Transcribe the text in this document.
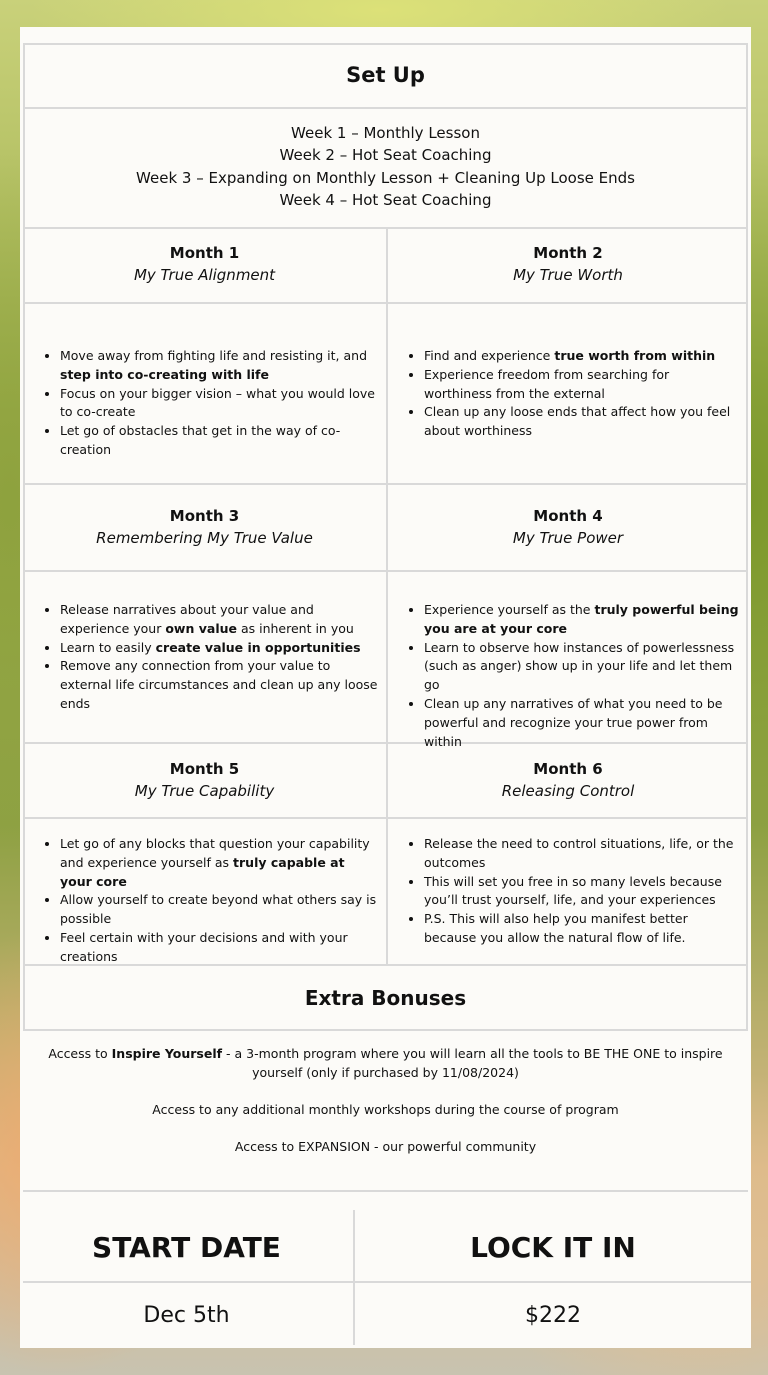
Set Up
Week 1 – Monthly Lesson
Week 2 – Hot Seat Coaching
Week 3 – Expanding on Monthly Lesson + Cleaning Up Loose Ends
Week 4 – Hot Seat Coaching
Month 1
My True Alignment
• Move away from fighting life and resisting it, and step into co-creating with life
• Focus on your bigger vision – what you would love to co-create
• Let go of obstacles that get in the way of co-creation
Month 2
My True Worth
• Find and experience true worth from within
• Experience freedom from searching for worthiness from the external
• Clean up any loose ends that affect how you feel about worthiness
Month 3
Remembering My True Value
• Release narratives about your value and experience your own value as inherent in you
• Learn to easily create value in opportunities
• Remove any connection from your value to external life circumstances and clean up any loose ends
Month 4
My True Power
• Experience yourself as the truly powerful being you are at your core
• Learn to observe how instances of powerlessness (such as anger) show up in your life and let them go
• Clean up any narratives of what you need to be powerful and recognize your true power from within
Month 5
My True Capability
• Let go of any blocks that question your capability and experience yourself as truly capable at your core
• Allow yourself to create beyond what others say is possible
• Feel certain with your decisions and with your creations
Month 6
Releasing Control
• Release the need to control situations, life, or the outcomes
• This will set you free in so many levels because you’ll trust yourself, life, and your experiences
• P.S. This will also help you manifest better because you allow the natural flow of life.
Extra Bonuses
Access to Inspire Yourself - a 3-month program where you will learn all the tools to BE THE ONE to inspire yourself (only if purchased by 11/08/2024)
Access to any additional monthly workshops during the course of program
Access to EXPANSION - our powerful community
START DATE	LOCK IT IN
Dec 5th	$222
